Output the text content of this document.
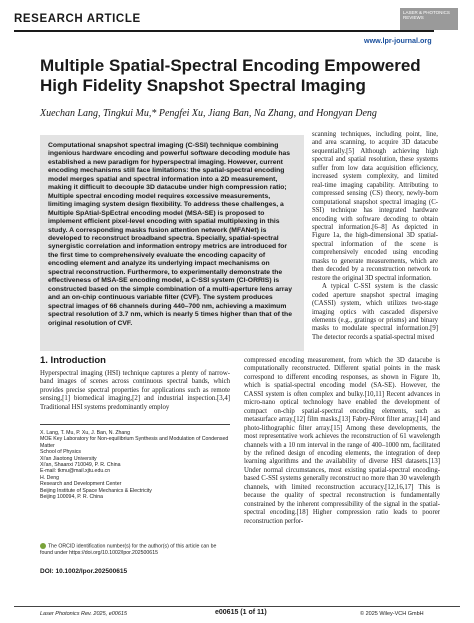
RESEARCH ARTICLE
LASER & PHOTONICS REVIEWS
www.lpr-journal.org
Multiple Spatial-Spectral Encoding Empowered High Fidelity Snapshot Spectral Imaging
Xuechan Lang, Tingkui Mu,* Pengfei Xu, Jiang Ban, Na Zhang, and Hongyan Deng

Computational snapshot spectral imaging (C-SSI) technique combining ingenious hardware encoding and powerful software decoding module has established a new paradigm for hyperspectral imaging. However, current encoding mechanisms still face limitations: the spatial-spectral encoding model merges spatial and spectral information into a 2D measurement, making it difficult to decouple 3D datacube under high compression ratio; Multiple spectral encoding model requires excessive measurements, limiting imaging system design flexibility. To address these challenges, a Multiple SpAtial-SpEctral encoding model (MSA-SE) is proposed to implement efficient pixel-level encoding with spatial multiplexing in this study. A corresponding masks fusion attention network (MFANet) is developed to reconstruct broadband spectra. Specially, spatial-spectral synergistic correlation and information entropy metrics are introduced for the first time to comprehensively evaluate the encoding capacity of encoding element and analyze its underlying impact mechanisms on spectral reconstruction. Furthermore, to experimentally demonstrate the effectiveness of MSA-SE encoding model, a C-SSI system (CI-ORRIS) is constructed based on the simple combination of a multi-aperture lens array and an on-chip continuous variable filter (CVF). The system produces spectral images of 66 channels during 440–700 nm, achieving a maximum spectral resolution of 3.7 nm, which is nearly 5 times higher than that of the original resolution of CVF.

scanning techniques, including point, line, and area scanning, to acquire 3D datacube sequentially.[5] Although achieving high spectral and spatial resolution, these systems suffer from low data acquisition efficiency, increased system complexity, and limited real-time imaging capability. Attributing to compressed sensing (CS) theory, newly-born computational snapshot spectral imaging (C-SSI) technique has integrated hardware encoding with software decoding to obtain spectral information.[6–8] As depicted in Figure 1a, the high-dimensional 3D spatial-spectral information of the scene is comprehensively encoded using encoding masks to generate measurements, which are then decoded by a reconstruction network to restore the original 3D spectral information.

A typical C-SSI system is the classic coded aperture snapshot spectral imaging (CASSI) system, which utilizes two-stage imaging optics with cascaded dispersive elements (e.g., gratings or prisms) and binary masks to modulate spectral information.[9] The detector records a spatial-spectral mixed

1. Introduction
Hyperspectral imaging (HSI) technique captures a plenty of narrow-band images of scenes across continuous spectral bands, which provides precise spectral properties for applications such as remote sensing,[1] biomedical imaging,[2] and industrial inspection.[3,4] Traditional HSI systems predominantly employ
compressed encoding measurement, from which the 3D datacube is computationally reconstructed. Different spatial points in the mask correspond to different encoding responses, as shown in Figure 1b, which is spatial-spectral encoding model (SA-SE). However, the CASSI system is often complex and bulky.[10,11] Recent advances in micro-nano optical technology have enabled the development of compact on-chip spatial-spectral encoding elements, such as metasurface array,[12] film masks,[13] Fabry-Pérot filter array,[14] and photo-lithographic filter array.[15] Among these developments, the most representative work achieves the reconstruction of 61 wavelength channels with a 10 nm interval in the range of 400–1000 nm, facilitated by the refined design of encoding elements, the integration of deep learning algorithms and the availability of diverse HSI datasets.[13] Under normal circumstances, most existing spatial-spectral encoding-based C-SSI systems generally reconstruct no more than 30 wavelength channels, with limited reconstruction accuracy.[12,16,17] This is because the quality of spectral reconstruction is fundamentally constrained by the inherent compressibility of the signal in the spatial-spectral encoding.[18] Higher compression ratio leads to poorer reconstruction perfor-
X. Lang, T. Mu, P. Xu, J. Ban, N. Zhang
MOE Key Laboratory for Non-equilibrium Synthesis and Modulation of Condensed Matter
School of Physics
Xi'an Jiaotong University
Xi'an, Shaanxi 710049, P. R. China
E-mail: tkmu@mail.xjtu.edu.cn
H. Deng
Research and Development Center
Beijing Institute of Space Mechanics & Electricity
Beijing 100094, P. R. China
The ORCID identification number(s) for the author(s) of this article can be found under https://doi.org/10.1002/lpor.202500615
DOI: 10.1002/lpor.202500615
Laser Photonics Rev. 2025, e00615	e00615 (1 of 11)	© 2025 Wiley-VCH GmbH
